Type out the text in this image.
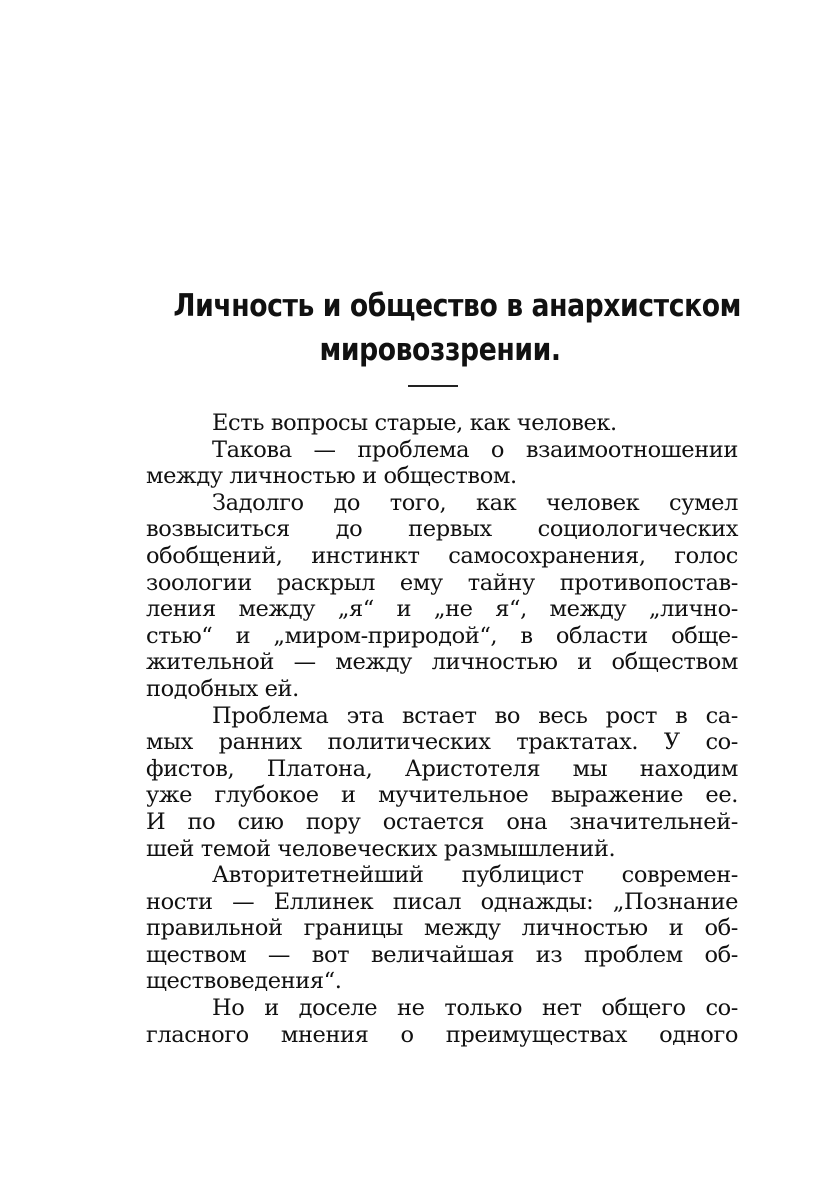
Личность и общество в анархистском
мировоззрении.
Есть вопросы старые, как человек.
Такова — проблема о взаимоотношении
между личностью и обществом.
Задолго до того, как человек сумел
возвыситься до первых социологических
обобщений, инстинкт самосохранения, голос
зоологии раскрыл ему тайну противопостав-
ления между „я“ и „не я“, между „лично-
стью“ и „миром-природой“, в области обще-
жительной — между личностью и обществом
подобных ей.
Проблема эта встает во весь рост в са-
мых ранних политических трактатах. У со-
фистов, Платона, Аристотеля мы находим
уже глубокое и мучительное выражение ее.
И по сию пору остается она значительней-
шей темой человеческих размышлений.
Авторитетнейший публицист современ-
ности — Еллинек писал однажды: „Познание
правильной границы между личностью и об-
ществом — вот величайшая из проблем об-
ществоведения“.
Но и доселе не только нет общего со-
гласного мнения о преимуществах одного
